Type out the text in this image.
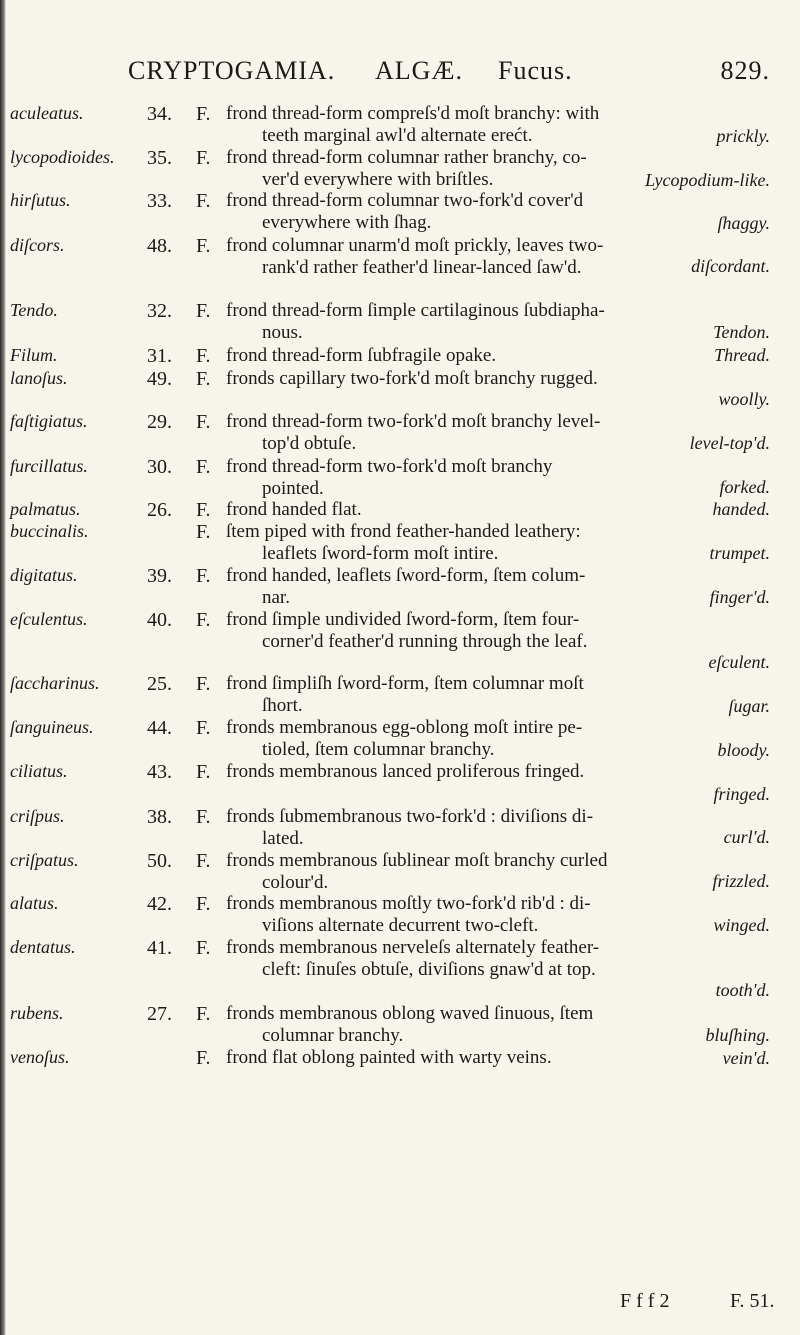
CRYPTOGAMIA. ALGÆ. Fucus.	829.
aculeatus.	34. F. frond thread-form compreſs'd moſt branchy: with
teeth marginal awl'd alternate erećt.	prickly.
lycopodioides. 35. F. frond thread-form columnar rather branchy, co-
ver'd everywhere with briſtles.	Lycopodium-like.
hirſutus.	33. F. frond thread-form columnar two-fork'd cover'd
everywhere with ſhag.	ſhaggy.
diſcors.	48. F. frond columnar unarm'd moſt prickly, leaves two-
rank'd rather feather'd linear-lanced ſaw'd.	diſcordant.
Tendo.	32. F. frond thread-form ſimple cartilaginous ſubdiapha-
nous.	Tendon.
Filum.	31. F. frond thread-form ſubfragile opake.	Thread.
lanoſus.	49. F. fronds capillary two-fork'd moſt branchy rugged.
woolly.
faſtigiatus.	29. F. frond thread-form two-fork'd moſt branchy level-
top'd obtuſe.	level-top'd.
furcillatus.	30. F. frond thread-form two-fork'd moſt branchy
pointed.	forked.
palmatus.	26. F. frond handed flat.	handed.
buccinalis.	F. ſtem piped with frond feather-handed leathery:
leaflets ſword-form moſt intire.	trumpet.
digitatus.	39. F. frond handed, leaflets ſword-form, ſtem colum-
nar.	finger'd.
eſculentus.	40. F. frond ſimple undivided ſword-form, ſtem four-
corner'd feather'd running through the leaf.
eſculent.
ſaccharinus. 25. F. frond ſimpliſh ſword-form, ſtem columnar moſt
ſhort.	ſugar.
ſanguineus.	44. F. fronds membranous egg-oblong moſt intire pe-
tioled, ſtem columnar branchy.	bloody.
ciliatus.	43. F. fronds membranous lanced proliferous fringed.
fringed.
criſpus.	38. F. fronds ſubmembranous two-fork'd : diviſions di-
lated.	curl'd.
criſpatus.	50. F. fronds membranous ſublinear moſt branchy curled
colour'd.	frizzled.
alatus.	42. F. fronds membranous moſtly two-fork'd rib'd : di-
viſions alternate decurrent two-cleft.	winged.
dentatus.	41. F. fronds membranous nerveleſs alternately feather-
cleft: ſinuſes obtuſe, diviſions gnaw'd at top.
tooth'd.
rubens.	27. F. fronds membranous oblong waved ſinuous, ſtem
columnar branchy.	bluſhing.
venoſus.	F. frond flat oblong painted with warty veins.	vein'd.
F f f 2	F. 51.
